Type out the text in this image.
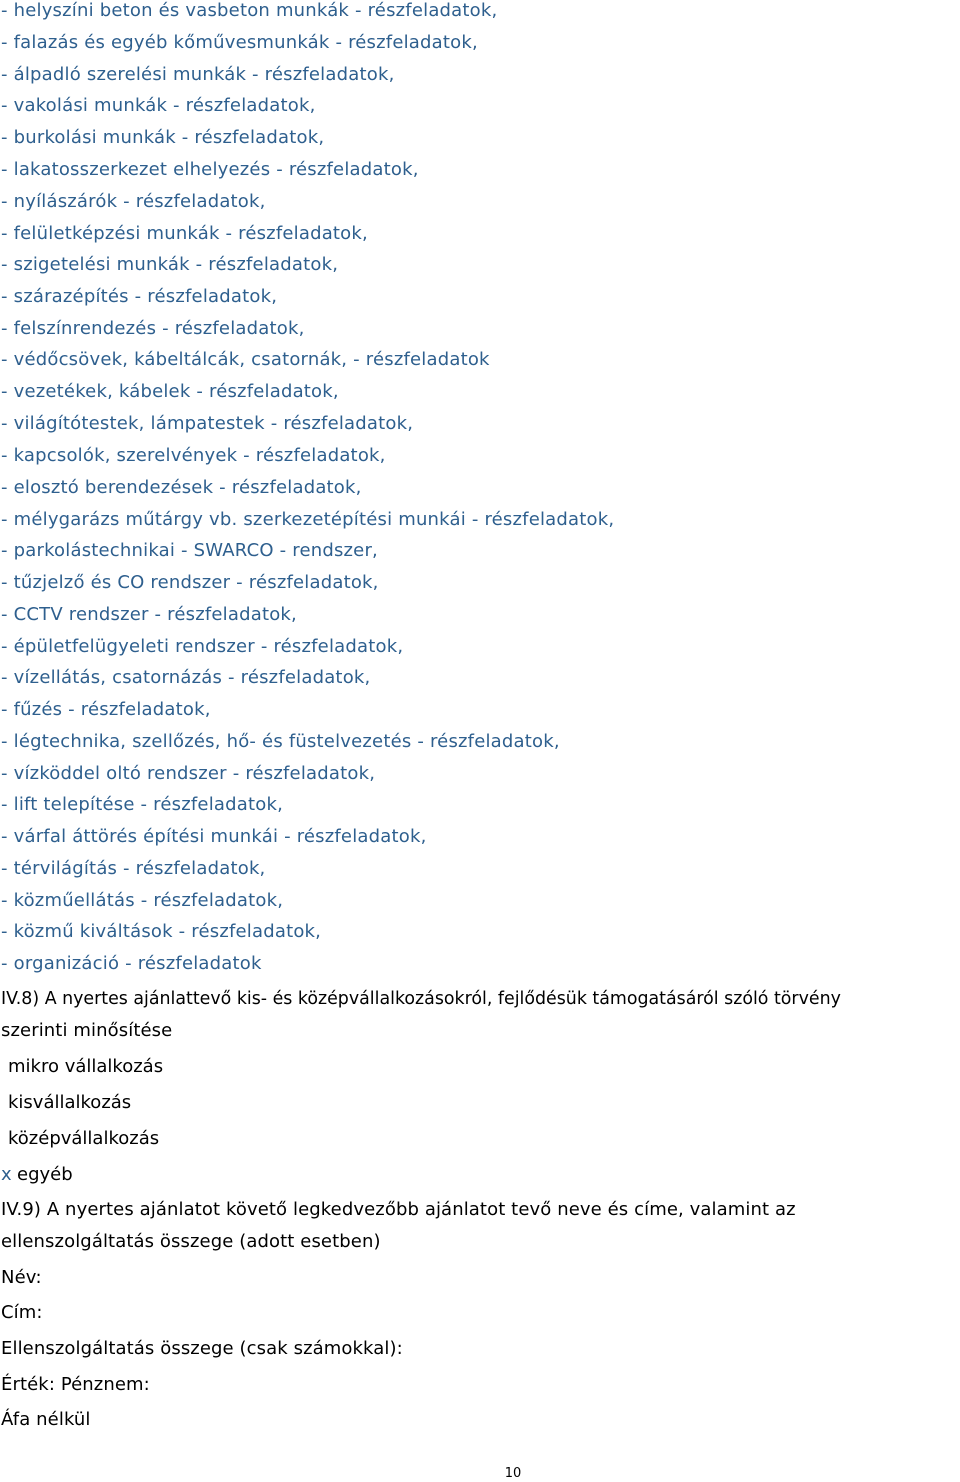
- helyszíni beton és vasbeton munkák - részfeladatok,
- falazás és egyéb kőművesmunkák - részfeladatok,
- álpadló szerelési munkák - részfeladatok,
- vakolási munkák - részfeladatok,
- burkolási munkák - részfeladatok,
- lakatosszerkezet elhelyezés - részfeladatok,
- nyílászárók - részfeladatok,
- felületképzési munkák - részfeladatok,
- szigetelési munkák - részfeladatok,
- szárazépítés - részfeladatok,
- felszínrendezés - részfeladatok,
- védőcsövek, kábeltálcák, csatornák, - részfeladatok
- vezetékek, kábelek - részfeladatok,
- világítótestek, lámpatestek - részfeladatok,
- kapcsolók, szerelvények - részfeladatok,
- elosztó berendezések - részfeladatok,
- mélygarázs műtárgy vb. szerkezetépítési munkái - részfeladatok,
- parkolástechnikai - SWARCO - rendszer,
- tűzjelző és CO rendszer - részfeladatok,
- CCTV rendszer - részfeladatok,
- épületfelügyeleti rendszer - részfeladatok,
- vízellátás, csatornázás - részfeladatok,
- fűzés - részfeladatok,
- légtechnika, szellőzés, hő- és füstelvezetés - részfeladatok,
- vízköddel oltó rendszer - részfeladatok,
- lift telepítése - részfeladatok,
- várfal áttörés építési munkái - részfeladatok,
- térvilágítás - részfeladatok,
- közműellátás - részfeladatok,
- közmű kiváltások - részfeladatok,
- organizáció - részfeladatok
IV.8) A nyertes ajánlattevő kis- és középvállalkozásokról, fejlődésük támogatásáról szóló törvény
szerinti minősítése
mikro vállalkozás
kisvállalkozás
középvállalkozás
x egyéb
IV.9) A nyertes ajánlatot követő legkedvezőbb ajánlatot tevő neve és címe, valamint az
ellenszolgáltatás összege (adott esetben)
Név:
Cím:
Ellenszolgáltatás összege (csak számokkal):
Érték: Pénznem:
Áfa nélkül
10
